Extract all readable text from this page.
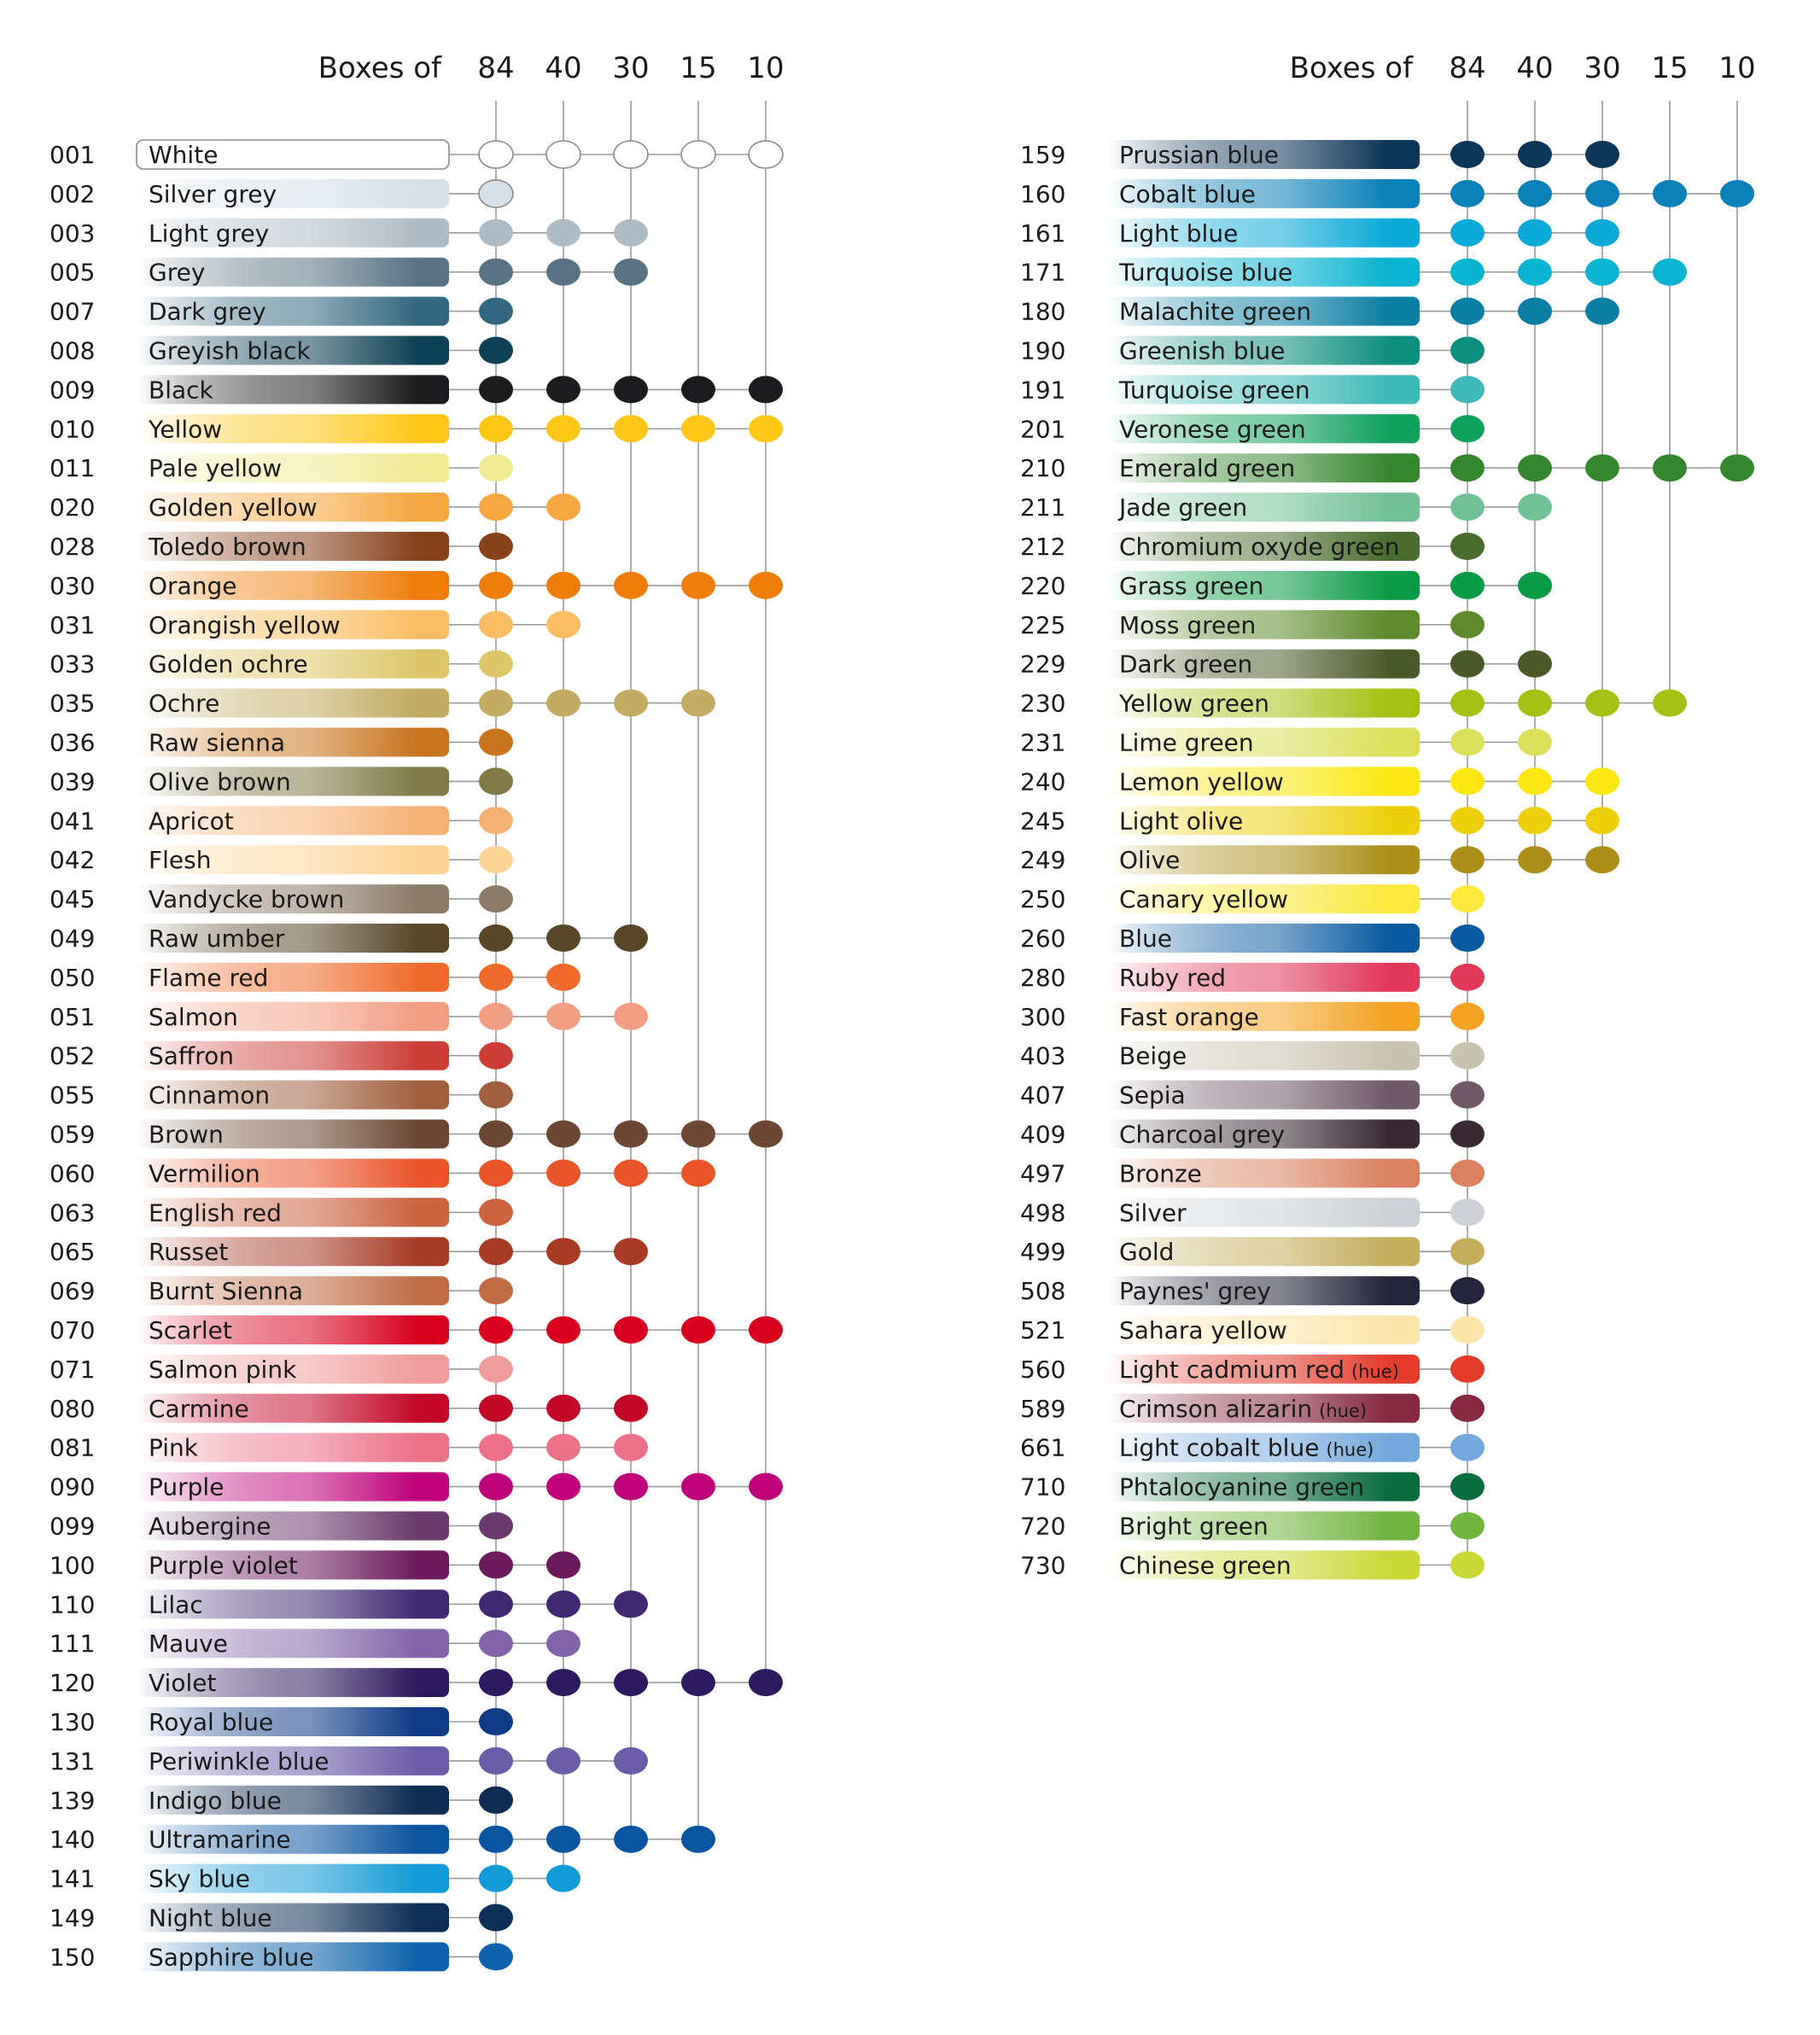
Boxes of 84 40 30 15 10	Boxes of 84 40 30 15 10
001 White
002 Silver grey
003 Light grey
005 Grey
007 Dark grey
008 Greyish black
009 Black
010 Yellow
011 Pale yellow
020 Golden yellow
028 Toledo brown
030 Orange
031 Orangish yellow
033 Golden ochre
035 Ochre
036 Raw sienna
039 Olive brown
041 Apricot
042 Flesh
045 Vandycke brown
049 Raw umber
050 Flame red
051 Salmon
052 Saffron
055 Cinnamon
059 Brown
060 Vermilion
063 English red
065 Russet
069 Burnt Sienna
070 Scarlet
071 Salmon pink
080 Carmine
081 Pink
090 Purple
099 Aubergine
100 Purple violet
110 Lilac
111 Mauve
120 Violet
130 Royal blue
131 Periwinkle blue
139 Indigo blue
140 Ultramarine
141 Sky blue
149 Night blue
150 Sapphire blue
159 Prussian blue
160 Cobalt blue
161 Light blue
171 Turquoise blue
180 Malachite green
190 Greenish blue
191 Turquoise green
201 Veronese green
210 Emerald green
211 Jade green
212 Chromium oxyde green
220 Grass green
225 Moss green
229 Dark green
230 Yellow green
231 Lime green
240 Lemon yellow
245 Light olive
249 Olive
250 Canary yellow
260 Blue
280 Ruby red
300 Fast orange
403 Beige
407 Sepia
409 Charcoal grey
497 Bronze
498 Silver
499 Gold
508 Paynes' grey
521 Sahara yellow
560 Light cadmium red (hue)
589 Crimson alizarin (hue)
661 Light cobalt blue (hue)
710 Phtalocyanine green
720 Bright green
730 Chinese green
